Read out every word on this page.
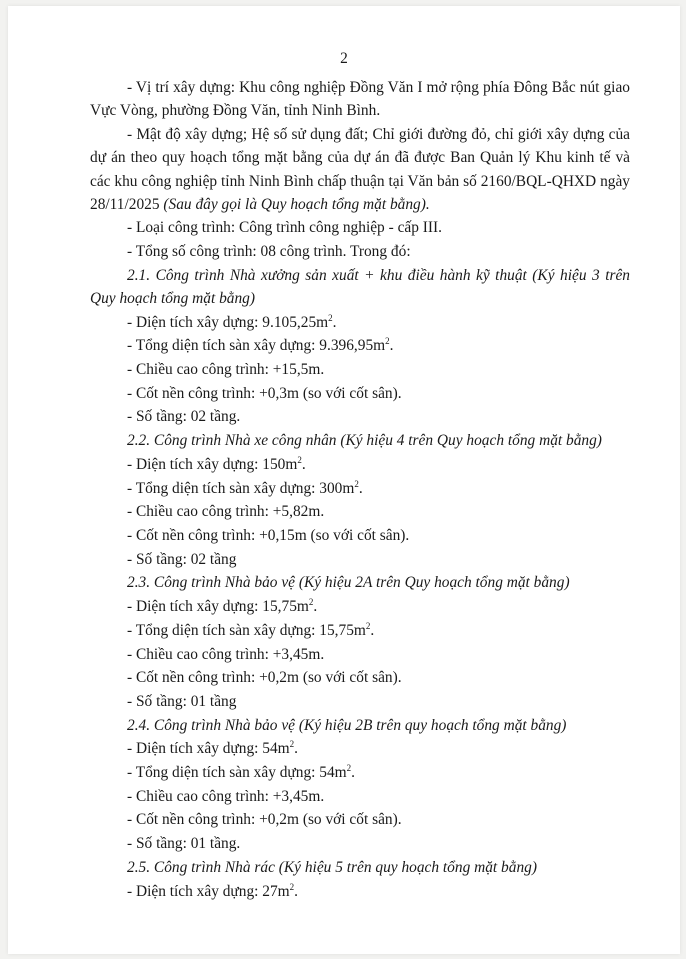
2

- Vị trí xây dựng: Khu công nghiệp Đồng Văn I mở rộng phía Đông Bắc nút giao Vực Vòng, phường Đồng Văn, tỉnh Ninh Bình.

- Mật độ xây dựng; Hệ số sử dụng đất; Chỉ giới đường đỏ, chỉ giới xây dựng của dự án theo quy hoạch tổng mặt bằng của dự án đã được Ban Quản lý Khu kinh tế và các khu công nghiệp tỉnh Ninh Bình chấp thuận tại Văn bản số 2160/BQL-QHXD ngày 28/11/2025 (Sau đây gọi là Quy hoạch tổng mặt bằng).

- Loại công trình: Công trình công nghiệp - cấp III.

- Tổng số công trình: 08 công trình. Trong đó:

2.1. Công trình Nhà xưởng sản xuất + khu điều hành kỹ thuật (Ký hiệu 3 trên Quy hoạch tổng mặt bằng)

- Diện tích xây dựng: $9.105,25m^2$.

- Tổng diện tích sàn xây dựng: $9.396,95m^2$.

- Chiều cao công trình: +15,5m.

- Cốt nền công trình: +0,3m (so với cốt sân).

- Số tầng: 02 tầng.

2.2. Công trình Nhà xe công nhân (Ký hiệu 4 trên Quy hoạch tổng mặt bằng)

- Diện tích xây dựng: $150m^2$.

- Tổng diện tích sàn xây dựng: $300m^2$.

- Chiều cao công trình: +5,82m.

- Cốt nền công trình: +0,15m (so với cốt sân).

- Số tầng: 02 tầng

2.3. Công trình Nhà bảo vệ (Ký hiệu 2A trên Quy hoạch tổng mặt bằng)

- Diện tích xây dựng: $15,75m^2$.

- Tổng diện tích sàn xây dựng: $15,75m^2$.

- Chiều cao công trình: +3,45m.

- Cốt nền công trình: +0,2m (so với cốt sân).

- Số tầng: 01 tầng

2.4. Công trình Nhà bảo vệ (Ký hiệu 2B trên quy hoạch tổng mặt bằng)

- Diện tích xây dựng: $54m^2$.

- Tổng diện tích sàn xây dựng: $54m^2$.

- Chiều cao công trình: +3,45m.

- Cốt nền công trình: +0,2m (so với cốt sân).

- Số tầng: 01 tầng.

2.5. Công trình Nhà rác (Ký hiệu 5 trên quy hoạch tổng mặt bằng)

- Diện tích xây dựng: $27m^2$.
